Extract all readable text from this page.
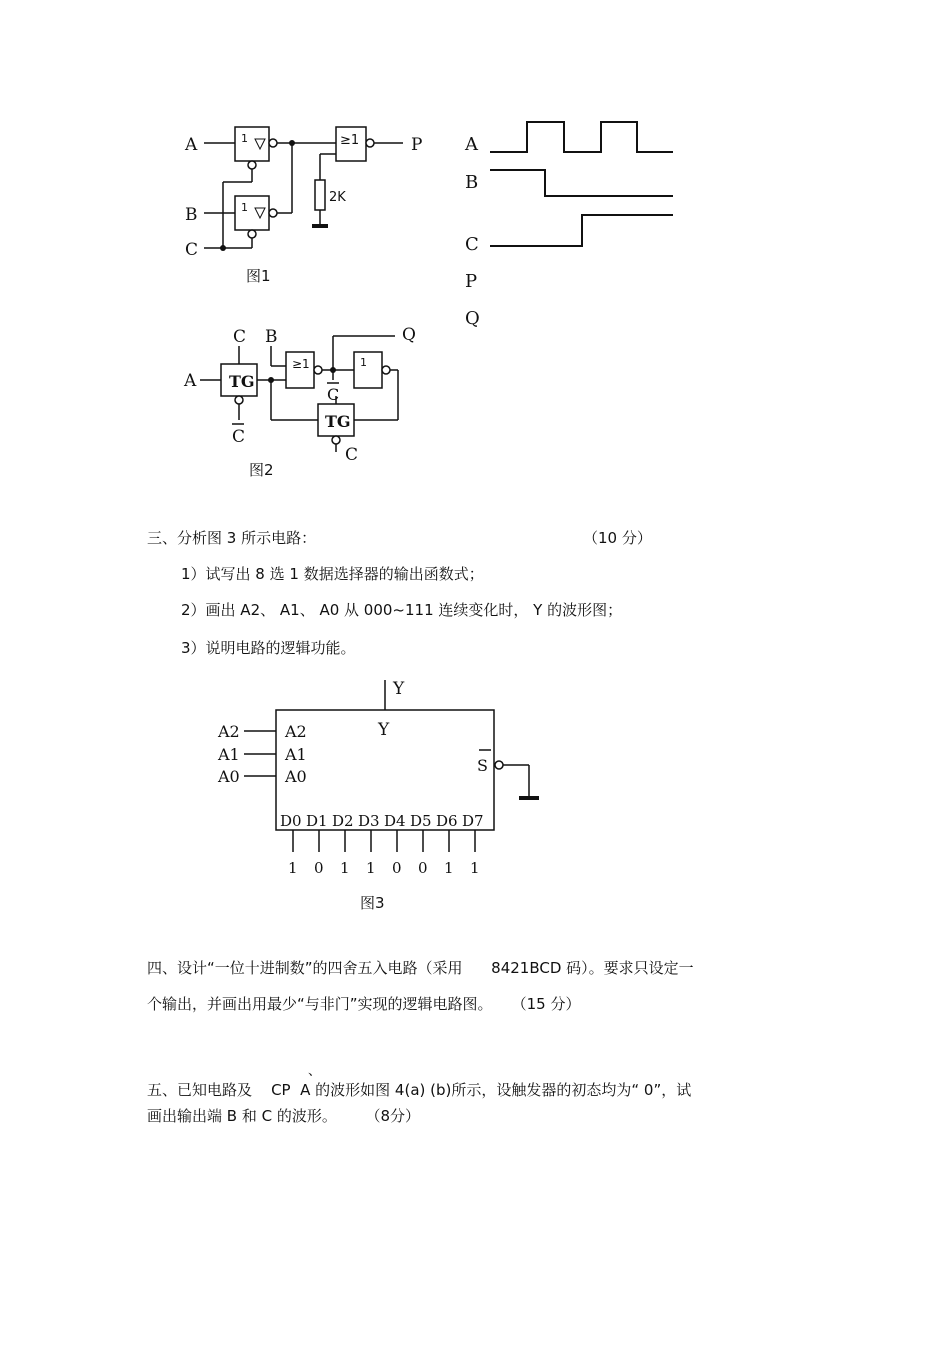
1
1
≥1
A
B
C
P
2K
图1
A
B
C
P
Q
≥1	1
TG
TG
A
C B	Q
C
C
C
图2
三、分析图 3 所示电路：	（10 分）
1）试写出 8 选 1 数据选择器的输出函数式；
2）画出 A2、 A1、 A0 从 000~111 连续变化时， Y 的波形图；
3）说明电路的逻辑功能。
Y
Y
A2
A1
A0
A2
A1
A0
S
D0 D1 D2 D3 D4 D5 D6 D7
1 0 1 1 0 0 1 1
图3
四、设计“一位十进制数”的四舍五入电路（采用      8421BCD 码）。要求只设定一
个输出，并画出用最少“与非门”实现的逻辑电路图。    （15 分）
、
五、已知电路及    CP  A 的波形如图 4(a) (b)所示，设触发器的初态均为“ 0”，试
画出输出端 B 和 C 的波形。      （8分）
